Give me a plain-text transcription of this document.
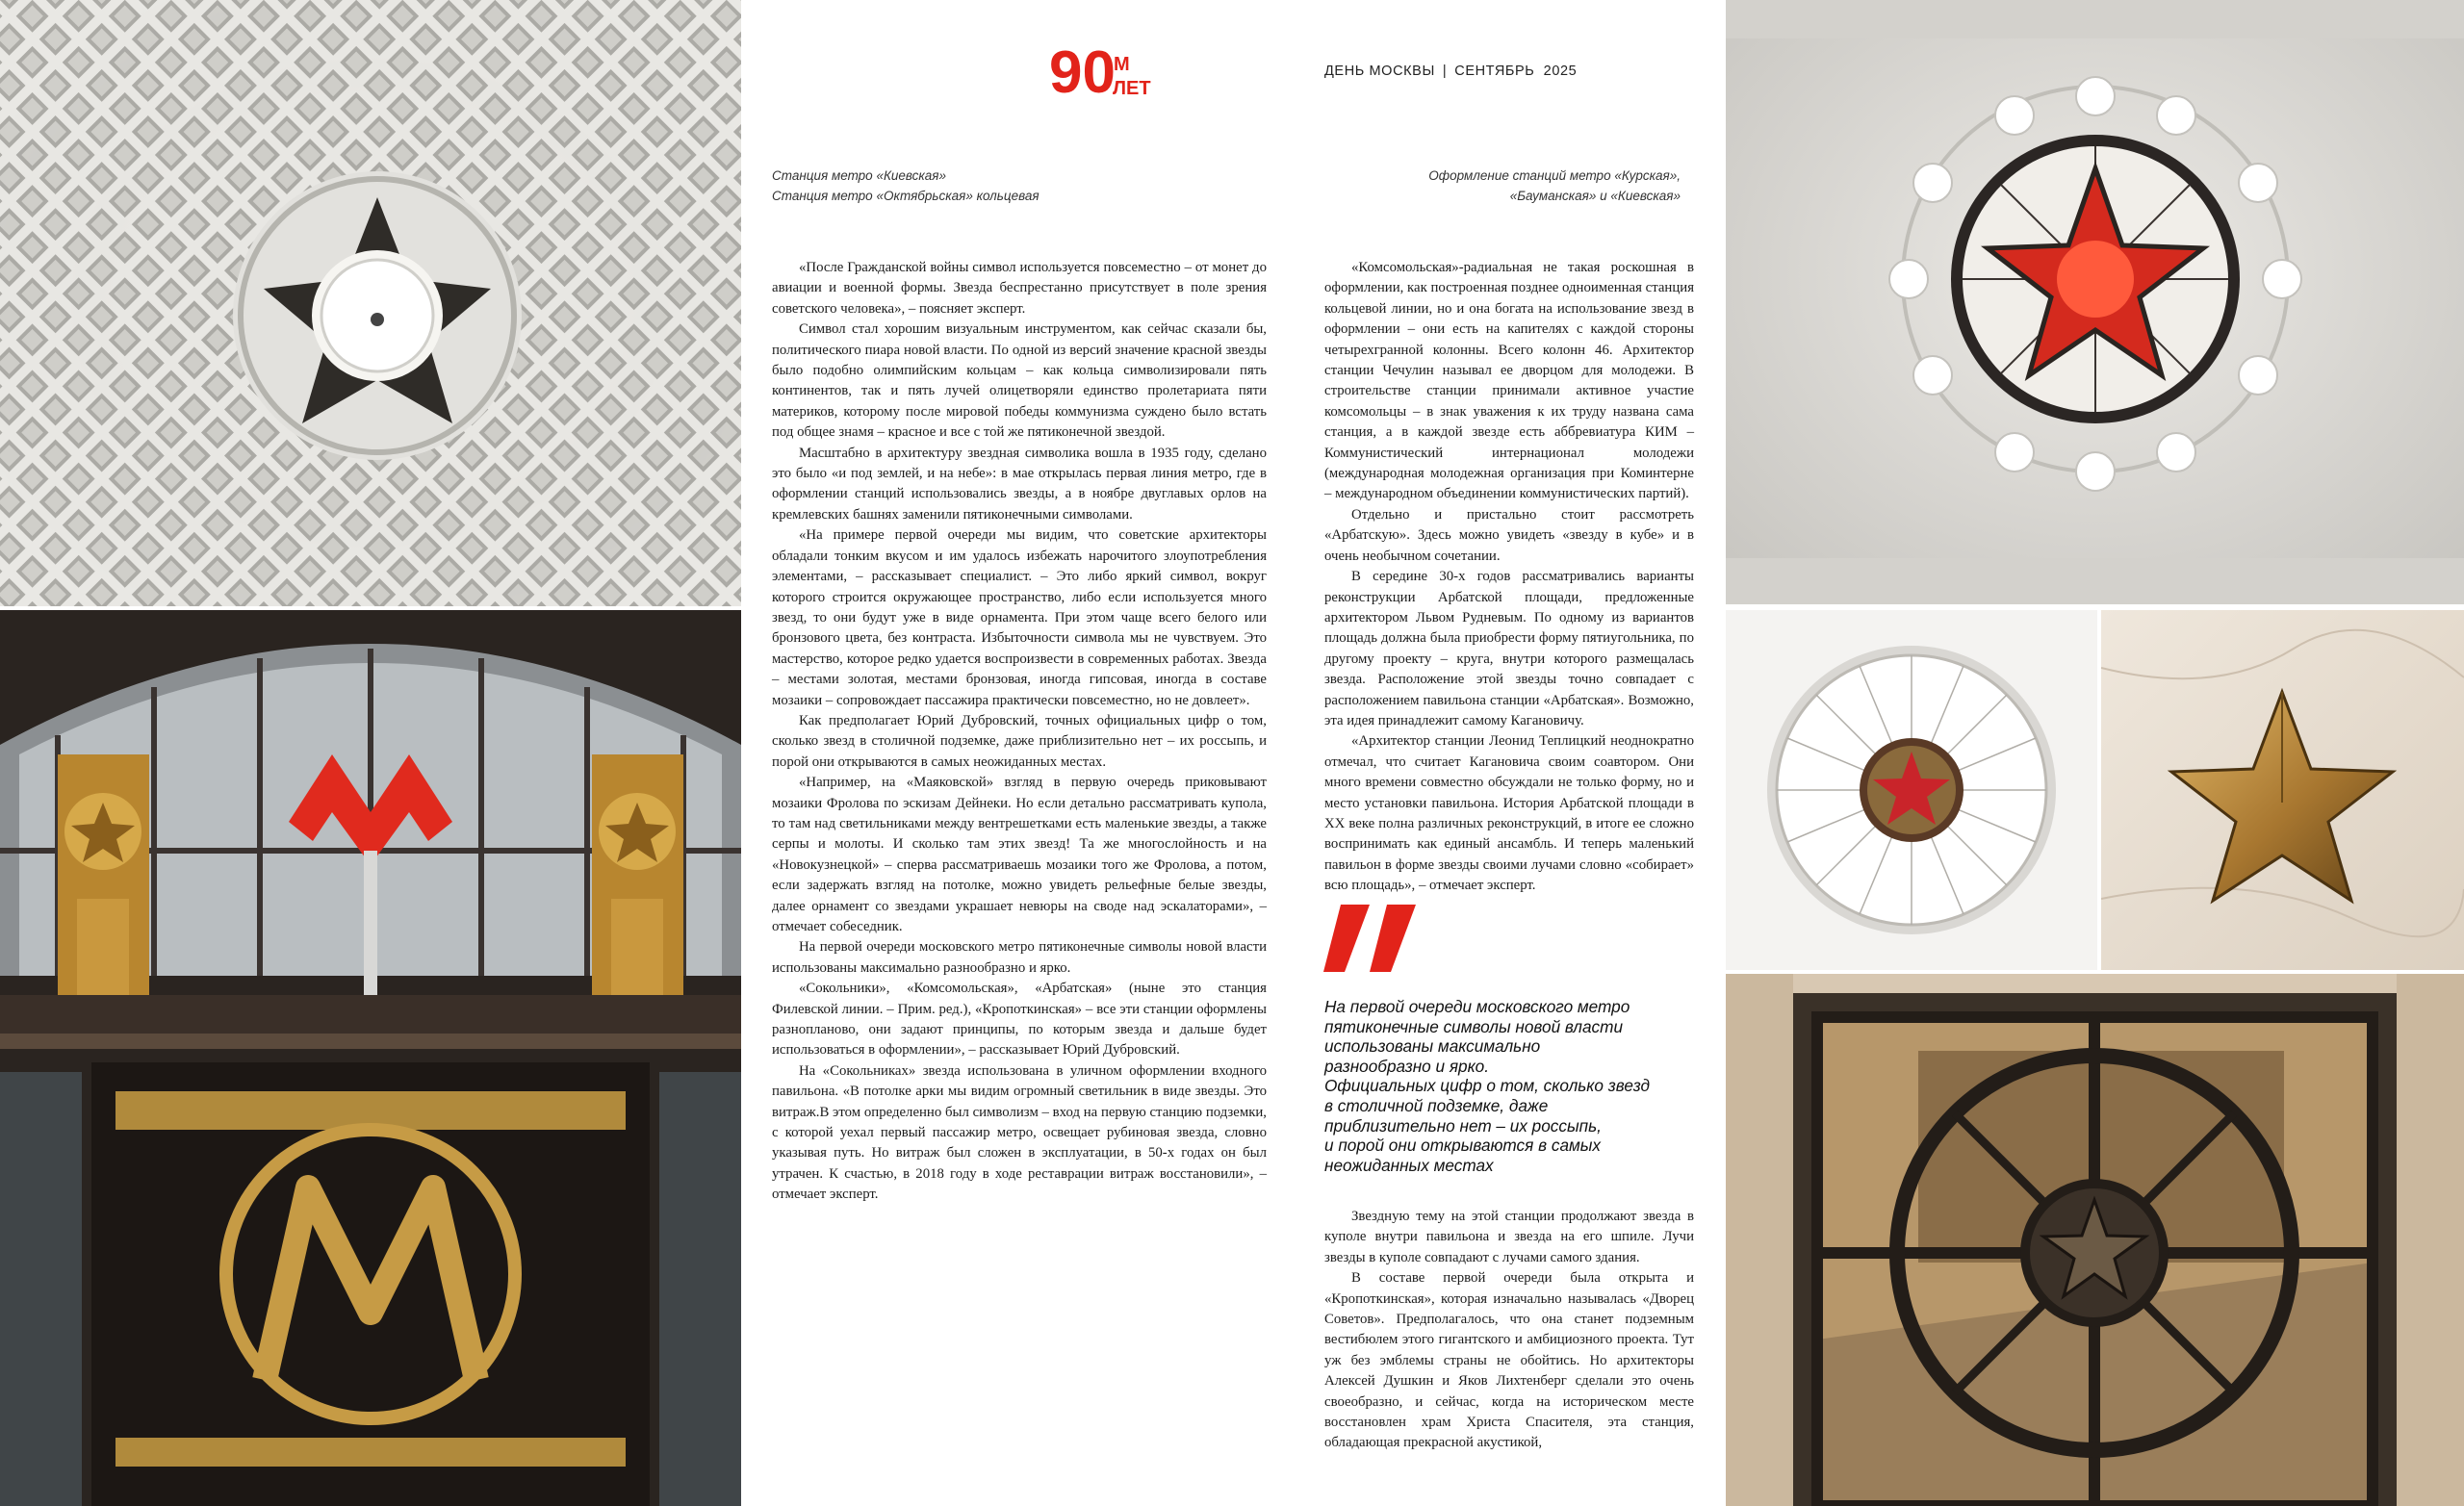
90
М
ЛЕТ
ДЕНЬ МОСКВЫ | СЕНТЯБРЬ 2025
Станция метро «Киевская»
Станция метро «Октябрьская» кольцевая
Оформление станций метро «Курская»,
«Бауманская» и «Киевская»

«После Гражданской войны символ используется повсеместно – от монет до авиации и военной формы. Звезда беспрестанно присутствует в поле зрения советского человека», – поясняет эксперт.

Символ стал хорошим визуальным инструментом, как сейчас сказали бы, политического пиара новой власти. По одной из версий значение красной звезды было подобно олимпийским кольцам – как кольца символизировали пять континентов, так и пять лучей олицетворяли единство пролетариата пяти материков, которому после мировой победы коммунизма суждено было встать под общее знамя – красное и все с той же пятиконечной звездой.

Масштабно в архитектуру звездная символика вошла в 1935 году, сделано это было «и под землей, и на небе»: в мае открылась первая линия метро, где в оформлении станций использовались звезды, а в ноябре двуглавых орлов на кремлевских башнях заменили пятиконечными символами.

«На примере первой очереди мы видим, что советские архитекторы обладали тонким вкусом и им удалось избежать нарочитого злоупотребления элементами, – рассказывает специалист. – Это либо яркий символ, вокруг которого строится окружающее пространство, либо если используется много звезд, то они будут уже в виде орнамента. При этом чаще всего белого или бронзового цвета, без контраста. Избыточности символа мы не чувствуем. Это мастерство, которое редко удается воспроизвести в современных работах. Звезда – местами золотая, местами бронзовая, иногда гипсовая, иногда в составе мозаики – сопровождает пассажира практически повсеместно, но не довлеет».

Как предполагает Юрий Дубровский, точных официальных цифр о том, сколько звезд в столичной подземке, даже приблизительно нет – их россыпь, и порой они открываются в самых неожиданных местах.

«Например, на «Маяковской» взгляд в первую очередь приковывают мозаики Фролова по эскизам Дейнеки. Но если детально рассматривать купола, то там над светильниками между вентрешетками есть маленькие звезды, а также серпы и молоты. И сколько там этих звезд! Та же многослойность и на «Новокузнецкой» – сперва рассматриваешь мозаики того же Фролова, а потом, если задержать взгляд на потолке, можно увидеть рельефные белые звезды, далее орнамент со звездами украшает невюры на своде над эскалаторами», – отмечает собеседник.

На первой очереди московского метро пятиконечные символы новой власти использованы максимально разнообразно и ярко.

«Сокольники», «Комсомольская», «Арбатская» (ныне это станция Филевской линии. – Прим. ред.), «Кропоткинская» – все эти станции оформлены разнопланово, они задают принципы, по которым звезда и дальше будет использоваться в оформлении», – рассказывает Юрий Дубровский.

На «Сокольниках» звезда использована в уличном оформлении входного павильона. «В потолке арки мы видим огромный светильник в виде звезды. Это витраж.В этом определенно был символизм – вход на первую станцию подземки, с которой уехал первый пассажир метро, освещает рубиновая звезда, словно указывая путь. Но витраж был сложен в эксплуатации, в 50-х годах он был утрачен. К счастью, в 2018 году в ходе реставрации витраж восстановили», – отмечает эксперт.

«Комсомольская»-радиальная не такая роскошная в оформлении, как построенная позднее одноименная станция кольцевой линии, но и она богата на использование звезд в оформлении – они есть на капителях с каждой стороны четырехгранной колонны. Всего колонн 46. Архитектор станции Чечулин называл ее дворцом для молодежи. В строительстве станции принимали активное участие комсомольцы – в знак уважения к их труду названа сама станция, а в каждой звезде есть аббревиатура КИМ – Коммунистический интернационал молодежи (международная молодежная организация при Коминтерне – международном объединении коммунистических партий).

Отдельно и пристально стоит рассмотреть «Арбатскую». Здесь можно увидеть «звезду в кубе» и в очень необычном сочетании.

В середине 30-х годов рассматривались варианты реконструкции Арбатской площади, предложенные архитектором Львом Рудневым. По одному из вариантов площадь должна была приобрести форму пятиугольника, по другому проекту – круга, внутри которого размещалась звезда. Расположение этой звезды точно совпадает с расположением павильона станции «Арбатская». Возможно, эта идея принадлежит самому Кагановичу.

«Архитектор станции Леонид Теплицкий неоднократно отмечал, что считает Кагановича своим соавтором. Они много времени совместно обсуждали не только форму, но и место установки павильона. История Арбатской площади в XX веке полна различных реконструкций, в итоге ее сложно воспринимать как единый ансамбль. И теперь маленький павильон в форме звезды своими лучами словно «собирает» всю площадь», – отмечает эксперт.

На первой очереди московского метро
пятиконечные символы новой власти
использованы максимально
разнообразно и ярко.
Официальных цифр о том, сколько звезд
в столичной подземке, даже
приблизительно нет – их россыпь,
и порой они открываются в самых
неожиданных местах

Звездную тему на этой станции продолжают звезда в куполе внутри павильона и звезда на его шпиле. Лучи звезды в куполе совпадают с лучами самого здания.

В составе первой очереди была открыта и «Кропоткинская», которая изначально называлась «Дворец Советов». Предполагалось, что она станет подземным вестибюлем этого гигантского и амбициозного проекта. Тут уж без эмблемы страны не обойтись. Но архитекторы Алексей Душкин и Яков Лихтенберг сделали это очень своеобразно, и сейчас, когда на историческом месте восстановлен храм Христа Спасителя, эта станция, обладающая прекрасной акустикой,
